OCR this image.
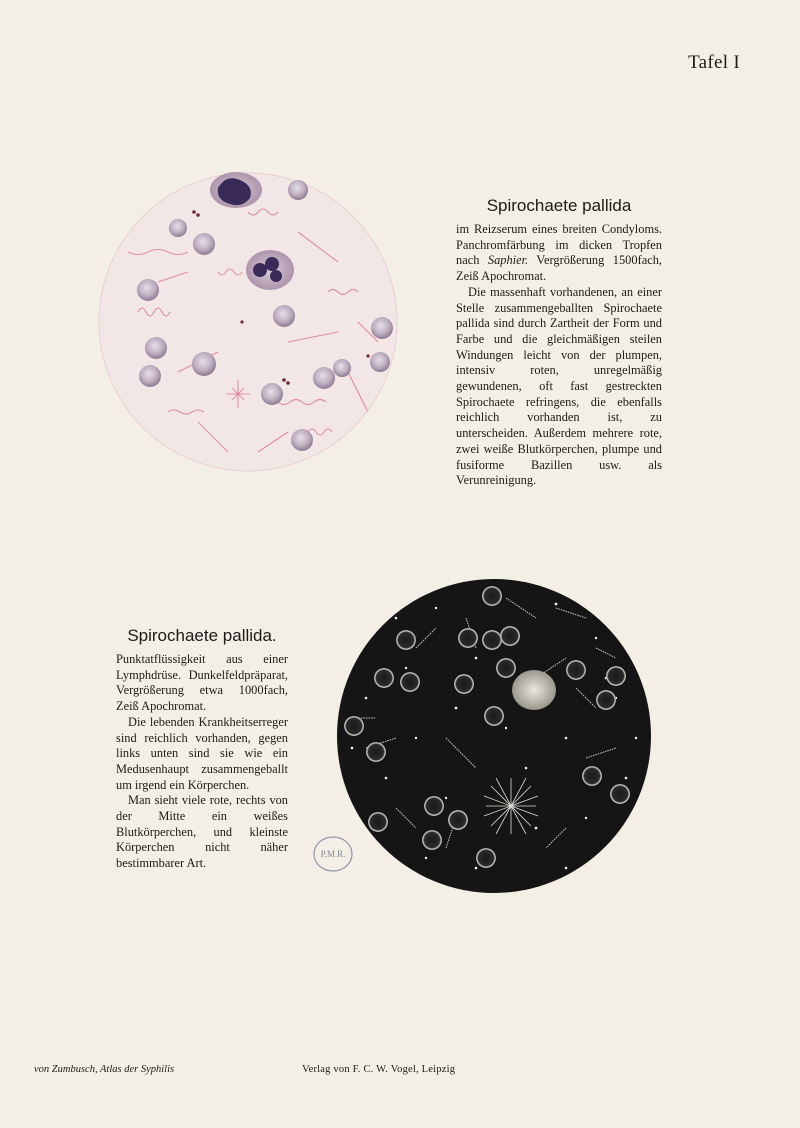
Tafel I
Spirochaete pallida

im Reizserum eines breiten Condyloms. Panchromfärbung im dicken Tropfen nach Saphier. Vergrößerung 1500fach, Zeiß Apochromat.

Die massenhaft vorhandenen, an einer Stelle zusammengeballten Spirochaete pallida sind durch Zartheit der Form und Farbe und die gleichmäßigen steilen Windungen leicht von der plumpen, intensiv roten, unregelmäßig gewundenen, oft fast gestreckten Spirochaete refringens, die ebenfalls reichlich vorhanden ist, zu unterscheiden. Außerdem mehrere rote, zwei weiße Blutkörperchen, plumpe und fusiforme Bazillen usw. als Verunreinigung.

Spirochaete pallida.

Punktatflüssigkeit aus einer Lymphdrüse. Dunkelfeldpräparat, Vergrößerung etwa 1000fach, Zeiß Apochromat.

Die lebenden Krankheitserreger sind reichlich vorhanden, gegen links unten sind sie wie ein Medusenhaupt zusammengeballt um irgend ein Körperchen.

Man sieht viele rote, rechts von der Mitte ein weißes Blutkörperchen, und kleinste Körperchen nicht näher bestimmbarer Art.

P.M.R.
von Zumbusch, Atlas der Syphilis	Verlag von F. C. W. Vogel, Leipzig
